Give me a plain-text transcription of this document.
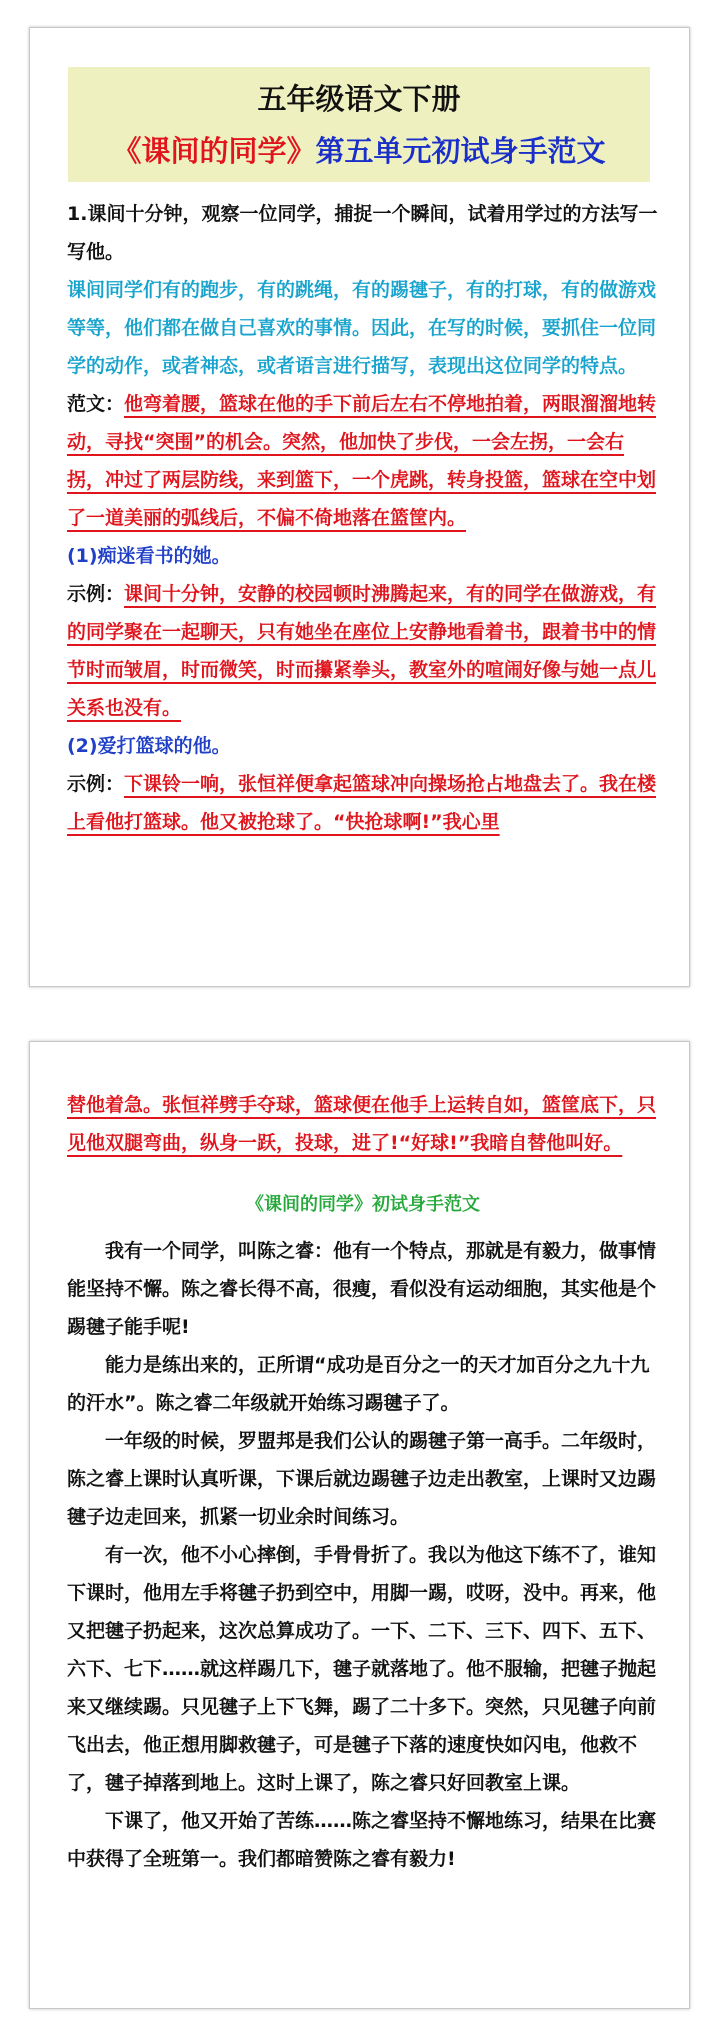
五年级语文下册
《课间的同学》第五单元初试身手范文

1.课间十分钟，观察一位同学，捕捉一个瞬间，试着用学过的方法写一写他。

课间同学们有的跑步，有的跳绳，有的踢毽子，有的打球，有的做游戏等等，他们都在做自己喜欢的事情。因此，在写的时候，要抓住一位同学的动作，或者神态，或者语言进行描写，表现出这位同学的特点。

范文：他弯着腰，篮球在他的手下前后左右不停地拍着，两眼溜溜地转动，寻找“突围”的机会。突然，他加快了步伐，一会左拐，一会右拐，冲过了两层防线，来到篮下，一个虎跳，转身投篮，篮球在空中划了一道美丽的弧线后，不偏不倚地落在篮筐内。

(1)痴迷看书的她。

示例：课间十分钟，安静的校园顿时沸腾起来，有的同学在做游戏，有的同学聚在一起聊天，只有她坐在座位上安静地看着书，跟着书中的情节时而皱眉，时而微笑，时而攥紧拳头，教室外的喧闹好像与她一点儿关系也没有。

(2)爱打篮球的他。

示例：下课铃一响，张恒祥便拿起篮球冲向操场抢占地盘去了。我在楼上看他打篮球。他又被抢球了。“快抢球啊!”我心里

替他着急。张恒祥劈手夺球，篮球便在他手上运转自如，篮筐底下，只见他双腿弯曲，纵身一跃，投球，进了!“好球!”我暗自替他叫好。

《课间的同学》初试身手范文

我有一个同学，叫陈之睿：他有一个特点，那就是有毅力，做事情能坚持不懈。陈之睿长得不高，很瘦，看似没有运动细胞，其实他是个踢毽子能手呢!

能力是练出来的，正所谓“成功是百分之一的天才加百分之九十九的汗水”。陈之睿二年级就开始练习踢毽子了。

一年级的时候，罗盟邦是我们公认的踢毽子第一高手。二年级时，陈之睿上课时认真听课，下课后就边踢毽子边走出教室，上课时又边踢毽子边走回来，抓紧一切业余时间练习。

有一次，他不小心摔倒，手骨骨折了。我以为他这下练不了，谁知下课时，他用左手将毽子扔到空中，用脚一踢，哎呀，没中。再来，他又把毽子扔起来，这次总算成功了。一下、二下、三下、四下、五下、六下、七下……就这样踢几下，毽子就落地了。他不服输，把毽子抛起来又继续踢。只见毽子上下飞舞，踢了二十多下。突然，只见毽子向前飞出去，他正想用脚救毽子，可是毽子下落的速度快如闪电，他救不了，毽子掉落到地上。这时上课了，陈之睿只好回教室上课。

下课了，他又开始了苦练……陈之睿坚持不懈地练习，结果在比赛中获得了全班第一。我们都暗赞陈之睿有毅力!
